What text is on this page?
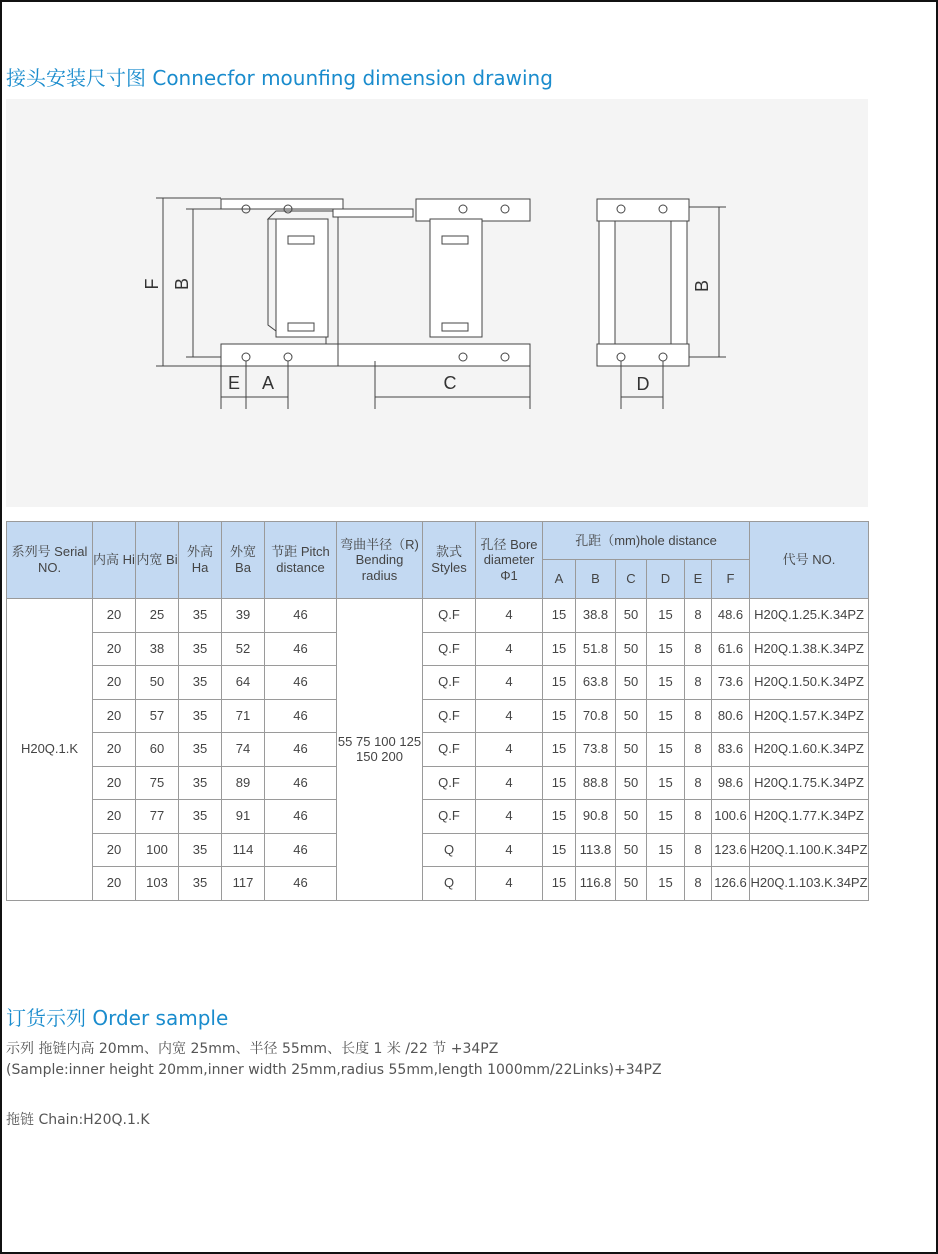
接头安装尺寸图 Connecfor mounfing dimension drawing
F B
E A	C
B
D
系列号 Serial NO.	内高 Hi	内宽 Bi	外高 Ha	外宽 Ba	节距 Pitch distance	弯曲半径（R) Bending radius	款式 Styles	孔径 Bore diameter Φ1	孔距（mm)hole distance						代号 NO.
									A	B	C	D	E	F	
H20Q.1.K	20	25	35	39	46	55 75 100 125 150 200	Q.F	4	15	38.8	50	15	8	48.6	H20Q.1.25.K.34PZ
	20	38	35	52	46		Q.F	4	15	51.8	50	15	8	61.6	H20Q.1.38.K.34PZ
	20	50	35	64	46		Q.F	4	15	63.8	50	15	8	73.6	H20Q.1.50.K.34PZ
	20	57	35	71	46		Q.F	4	15	70.8	50	15	8	80.6	H20Q.1.57.K.34PZ
	20	60	35	74	46		Q.F	4	15	73.8	50	15	8	83.6	H20Q.1.60.K.34PZ
	20	75	35	89	46		Q.F	4	15	88.8	50	15	8	98.6	H20Q.1.75.K.34PZ
	20	77	35	91	46		Q.F	4	15	90.8	50	15	8	100.6	H20Q.1.77.K.34PZ
	20	100	35	114	46		Q	4	15	113.8	50	15	8	123.6	H20Q.1.100.K.34PZ
	20	103	35	117	46		Q	4	15	116.8	50	15	8	126.6	H20Q.1.103.K.34PZ
订货示列 Order sample
示列 拖链内高 20mm、内宽 25mm、半径 55mm、长度 1 米 /22 节 +34PZ
(Sample:inner height 20mm,inner width 25mm,radius 55mm,length 1000mm/22Links)+34PZ
拖链 Chain:H20Q.1.K
